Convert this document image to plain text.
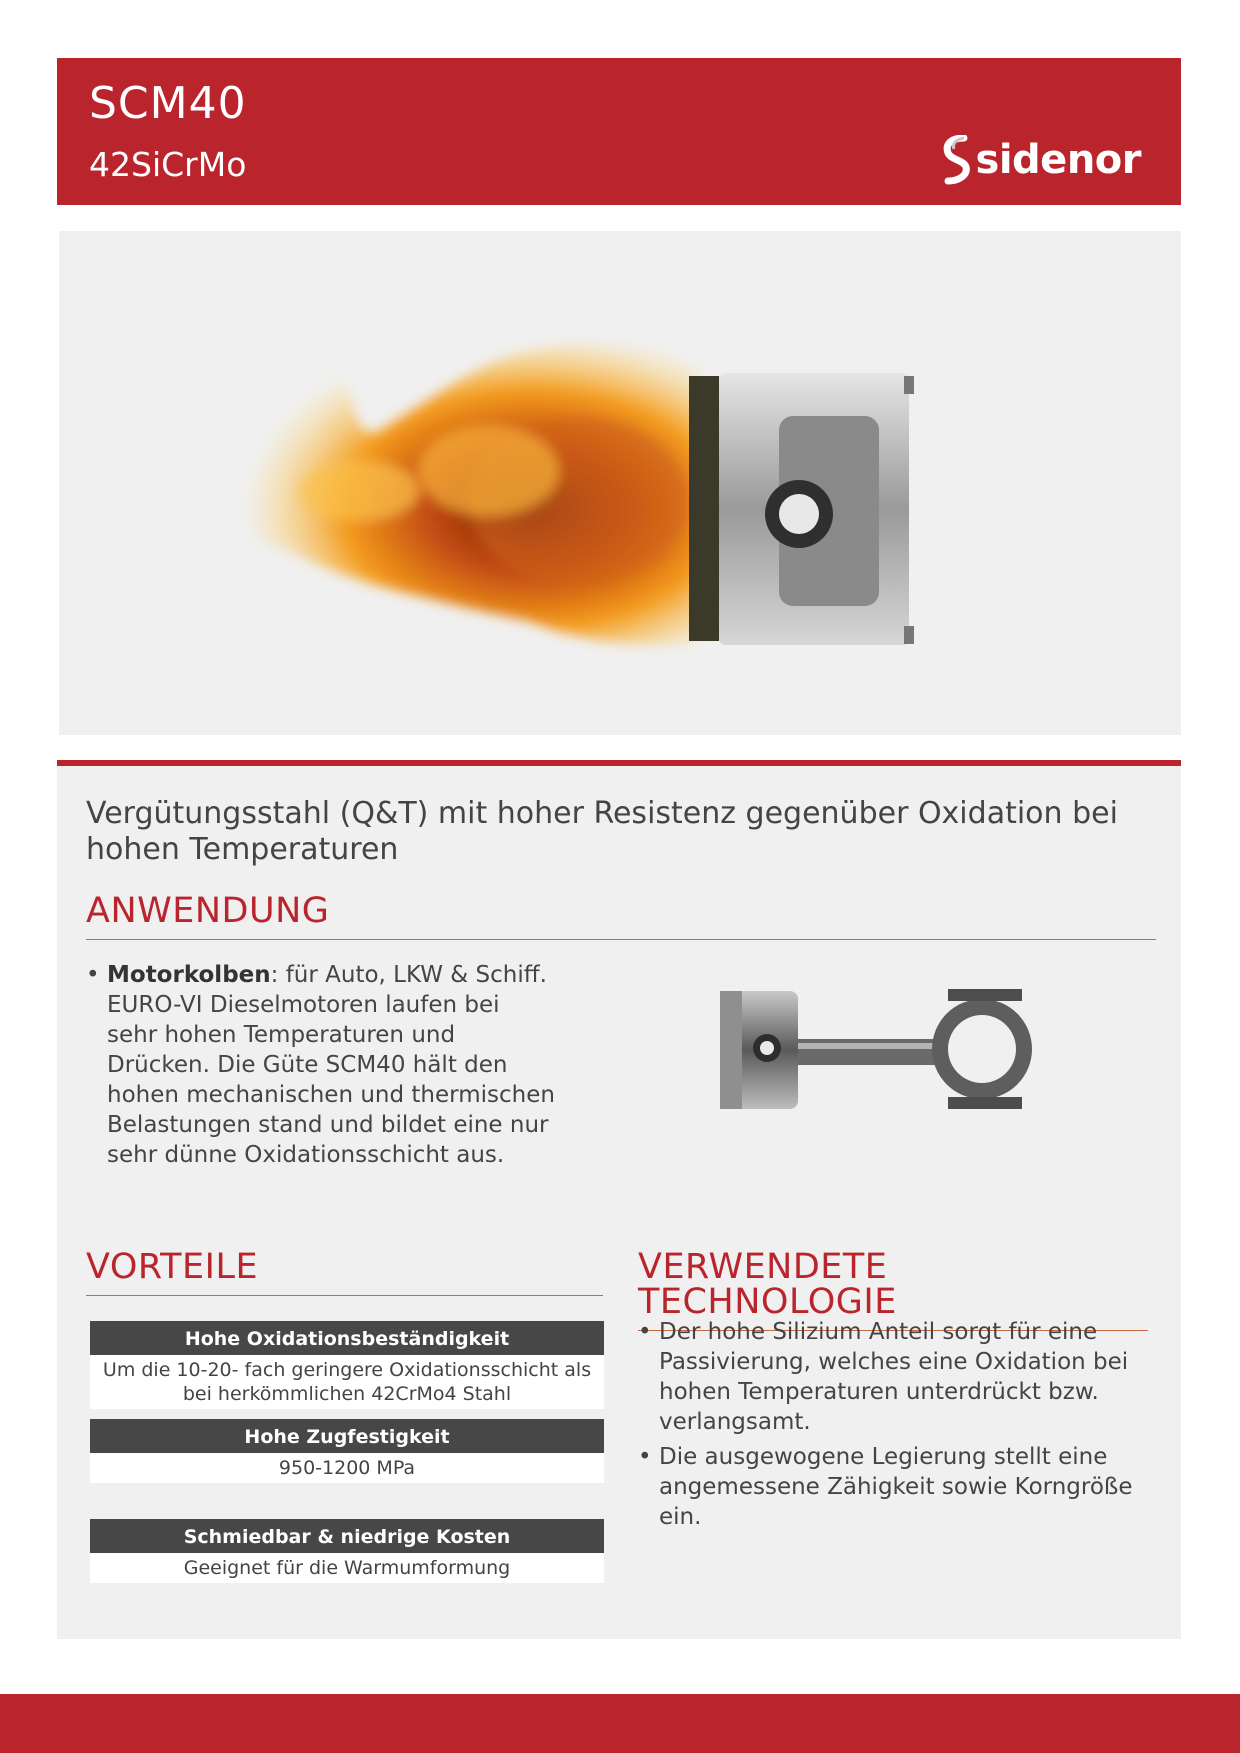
SCM40
42SiCrMo	sidenor
Vergütungsstahl (Q&T) mit hoher Resistenz gegenüber Oxidation bei hohen Temperaturen
ANWENDUNG
• Motorkolben: für Auto, LKW & Schiff. EURO-VI Dieselmotoren laufen bei sehr hohen Temperaturen und Drücken. Die Güte SCM40 hält den hohen mechanischen und thermischen Belastungen stand und bildet eine nur sehr dünne Oxidationsschicht aus.
VORTEILE
Hohe Oxidationsbeständigkeit
Um die 10-20- fach geringere Oxidationsschicht als bei herkömmlichen 42CrMo4 Stahl
Hohe Zugfestigkeit
950-1200 MPa
Schmiedbar & niedrige Kosten
Geeignet für die Warmumformung
VERWENDETE TECHNOLOGIE
• Der hohe Silizium Anteil sorgt für eine Passivierung, welches eine Oxidation bei hohen Temperaturen unterdrückt bzw. verlangsamt.
• Die ausgewogene Legierung stellt eine angemessene Zähigkeit sowie Korngröße ein.
